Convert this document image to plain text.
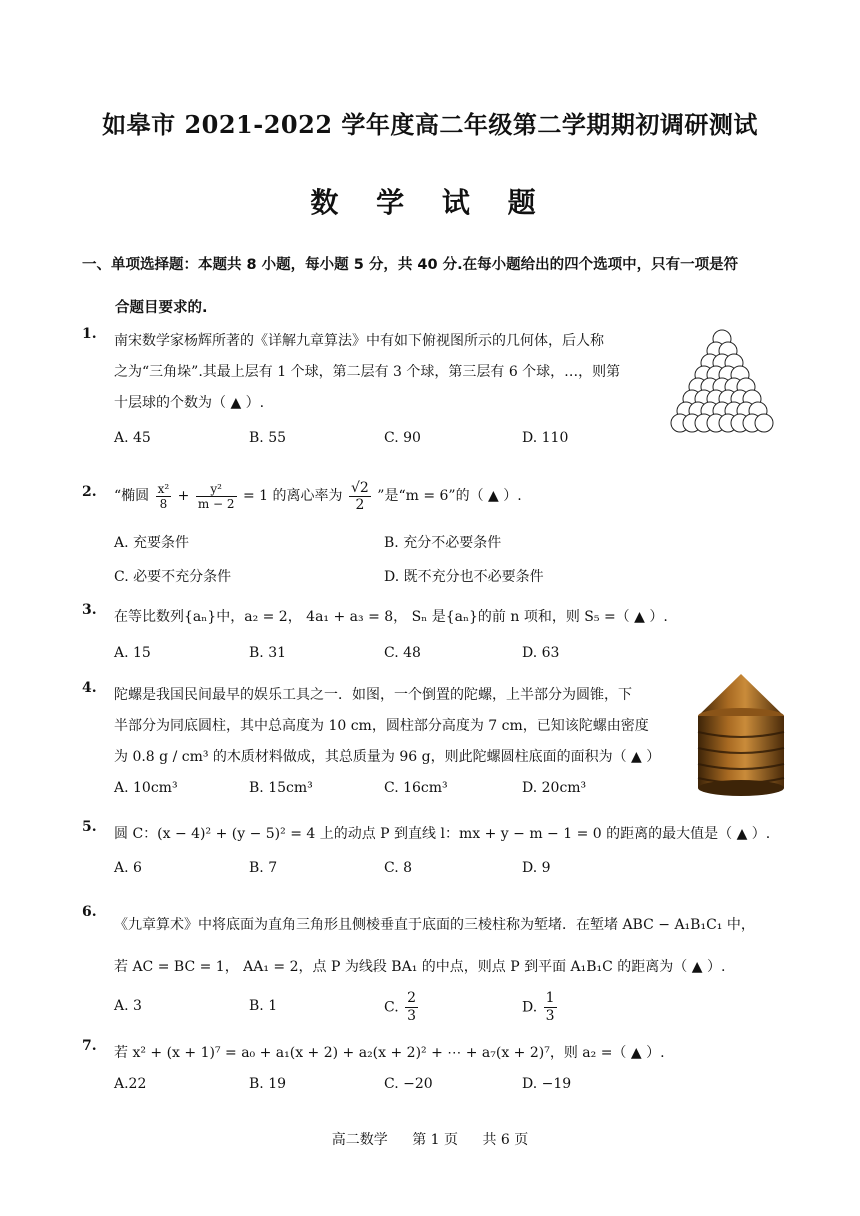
如皋市 2021-2022 学年度高二年级第二学期期初调研测试
数 学 试 题
一、单项选择题：本题共 8 小题，每小题 5 分，共 40 分.在每小题给出的四个选项中，只有一项是符
合题目要求的.
1.	南宋数学家杨辉所著的《详解九章算法》中有如下俯视图所示的几何体，后人称
之为“三角垛”.其最上层有 1 个球，第二层有 3 个球，第三层有 6 个球，…，则第
十层球的个数为（ ▲ ）.
A. 45	B. 55	C. 90	D. 110
2.	“椭圆 $\frac{\text{x²}}{8} + \frac{\text{y²}}{m - 2} = 1$ 的离心率为 $\frac{√2}{2}$ ”是“m = 6”的（ ▲ ）.
A. 充要条件	B. 充分不必要条件
C. 必要不充分条件	D. 既不充分也不必要条件
3.	在等比数列{aₙ}中，a₂ = 2， 4a₁ + a₃ = 8， Sₙ 是{aₙ}的前 n 项和，则 S₅ =（ ▲ ）.
A. 15	B. 31	C. 48	D. 63
4.	陀螺是我国民间最早的娱乐工具之一．如图，一个倒置的陀螺，上半部分为圆锥，下
半部分为同底圆柱，其中总高度为 10 cm，圆柱部分高度为 7 cm，已知该陀螺由密度
为 0.8 g / cm³ 的木质材料做成，其总质量为 96 g，则此陀螺圆柱底面的面积为（ ▲ ）
A. 10cm³	B. 15cm³	C. 16cm³	D. 20cm³
5.	圆 C：(x − 4)² + (y − 5)² = 4 上的动点 P 到直线 l：mx + y − m − 1 = 0 的距离的最大值是（ ▲ ）.
A. 6	B. 7	C. 8	D. 9
6.
《九章算术》中将底面为直角三角形且侧棱垂直于底面的三棱柱称为堑堵．在堑堵 ABC − A₁B₁C₁ 中，
若 AC = BC = 1， AA₁ = 2，点 P 为线段 BA₁ 的中点，则点 P 到平面 A₁B₁C 的距离为（ ▲ ）.
A. 3	B. 1	C. $\frac{2}{3}$	D. $\frac{1}{3}$
7.	若 x² + (x + 1)⁷ = a₀ + a₁(x + 2) + a₂(x + 2)² + ⋯ + a₇(x + 2)⁷，则 a₂ =（ ▲ ）.
A.22	B. 19	C. −20	D. −19
高二数学 第 1 页 共 6 页
